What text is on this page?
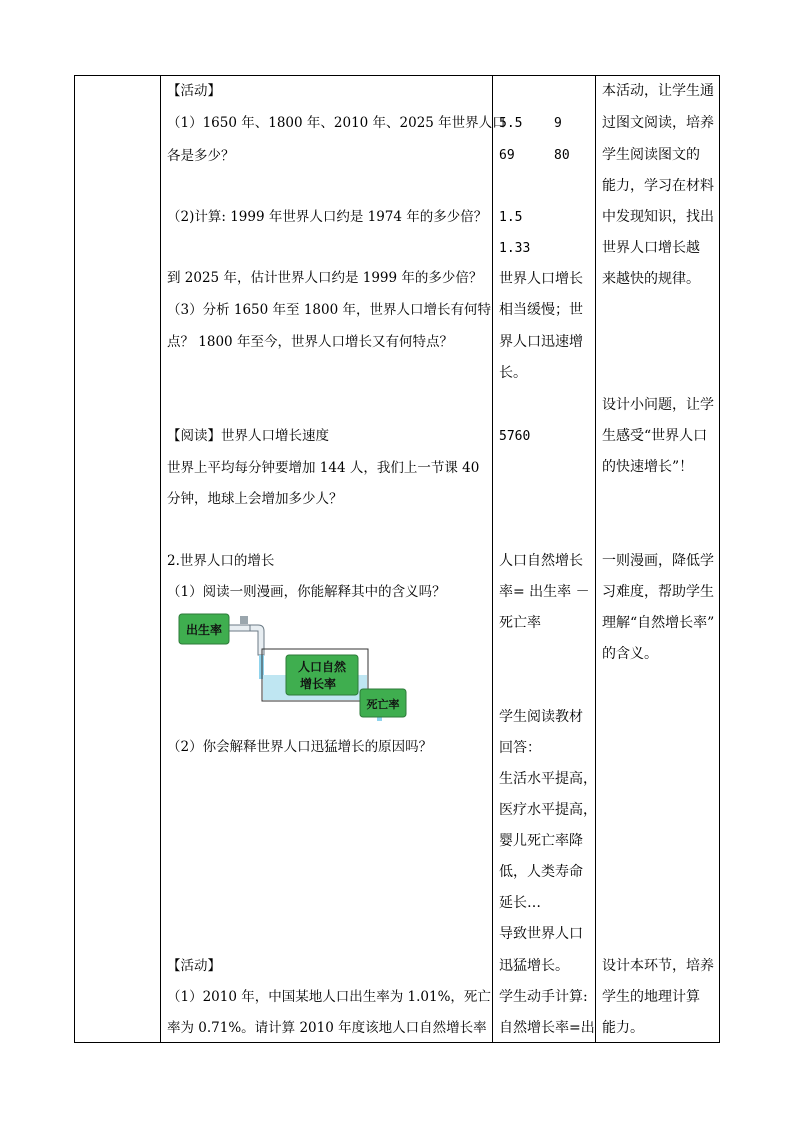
【活动】
（1）1650 年、1800 年、2010 年、2025 年世界人口
各是多少？
（2)计算: 1999 年世界人口约是 1974 年的多少倍？
到 2025 年，估计世界人口约是 1999 年的多少倍？
（3）分析 1650 年至 1800 年，世界人口增长有何特
点？ 1800 年至今，世界人口增长又有何特点？
【阅读】世界人口增长速度
世界上平均每分钟要增加 144 人，我们上一节课 40
分钟，地球上会增加多少人？
2.世界人口的增长
（1）阅读一则漫画，你能解释其中的含义吗？
出生率
人口自然
增长率
死亡率
（2）你会解释世界人口迅猛增长的原因吗？
【活动】
（1）2010 年，中国某地人口出生率为 1.01%，死亡
率为 0.71%。请计算 2010 年度该地人口自然增长率
5.5 9
69	80
1.5
1.33
世界人口增长
相当缓慢；世
界人口迅速增
长。
5760
人口自然增长
率= 出生率 －
死亡率
学生阅读教材
回答：
生活水平提高，
医疗水平提高，
婴儿死亡率降
低，人类寿命
延长…
导致世界人口
迅猛增长。
学生动手计算:
自然增长率=出
本活动，让学生通
过图文阅读，培养
学生阅读图文的
能力，学习在材料
中发现知识，找出
世界人口增长越
来越快的规律。
设计小问题，让学
生感受“世界人口
的快速增长”！
一则漫画，降低学
习难度，帮助学生
理解“自然增长率”
的含义。
设计本环节，培养
学生的地理计算
能力。
